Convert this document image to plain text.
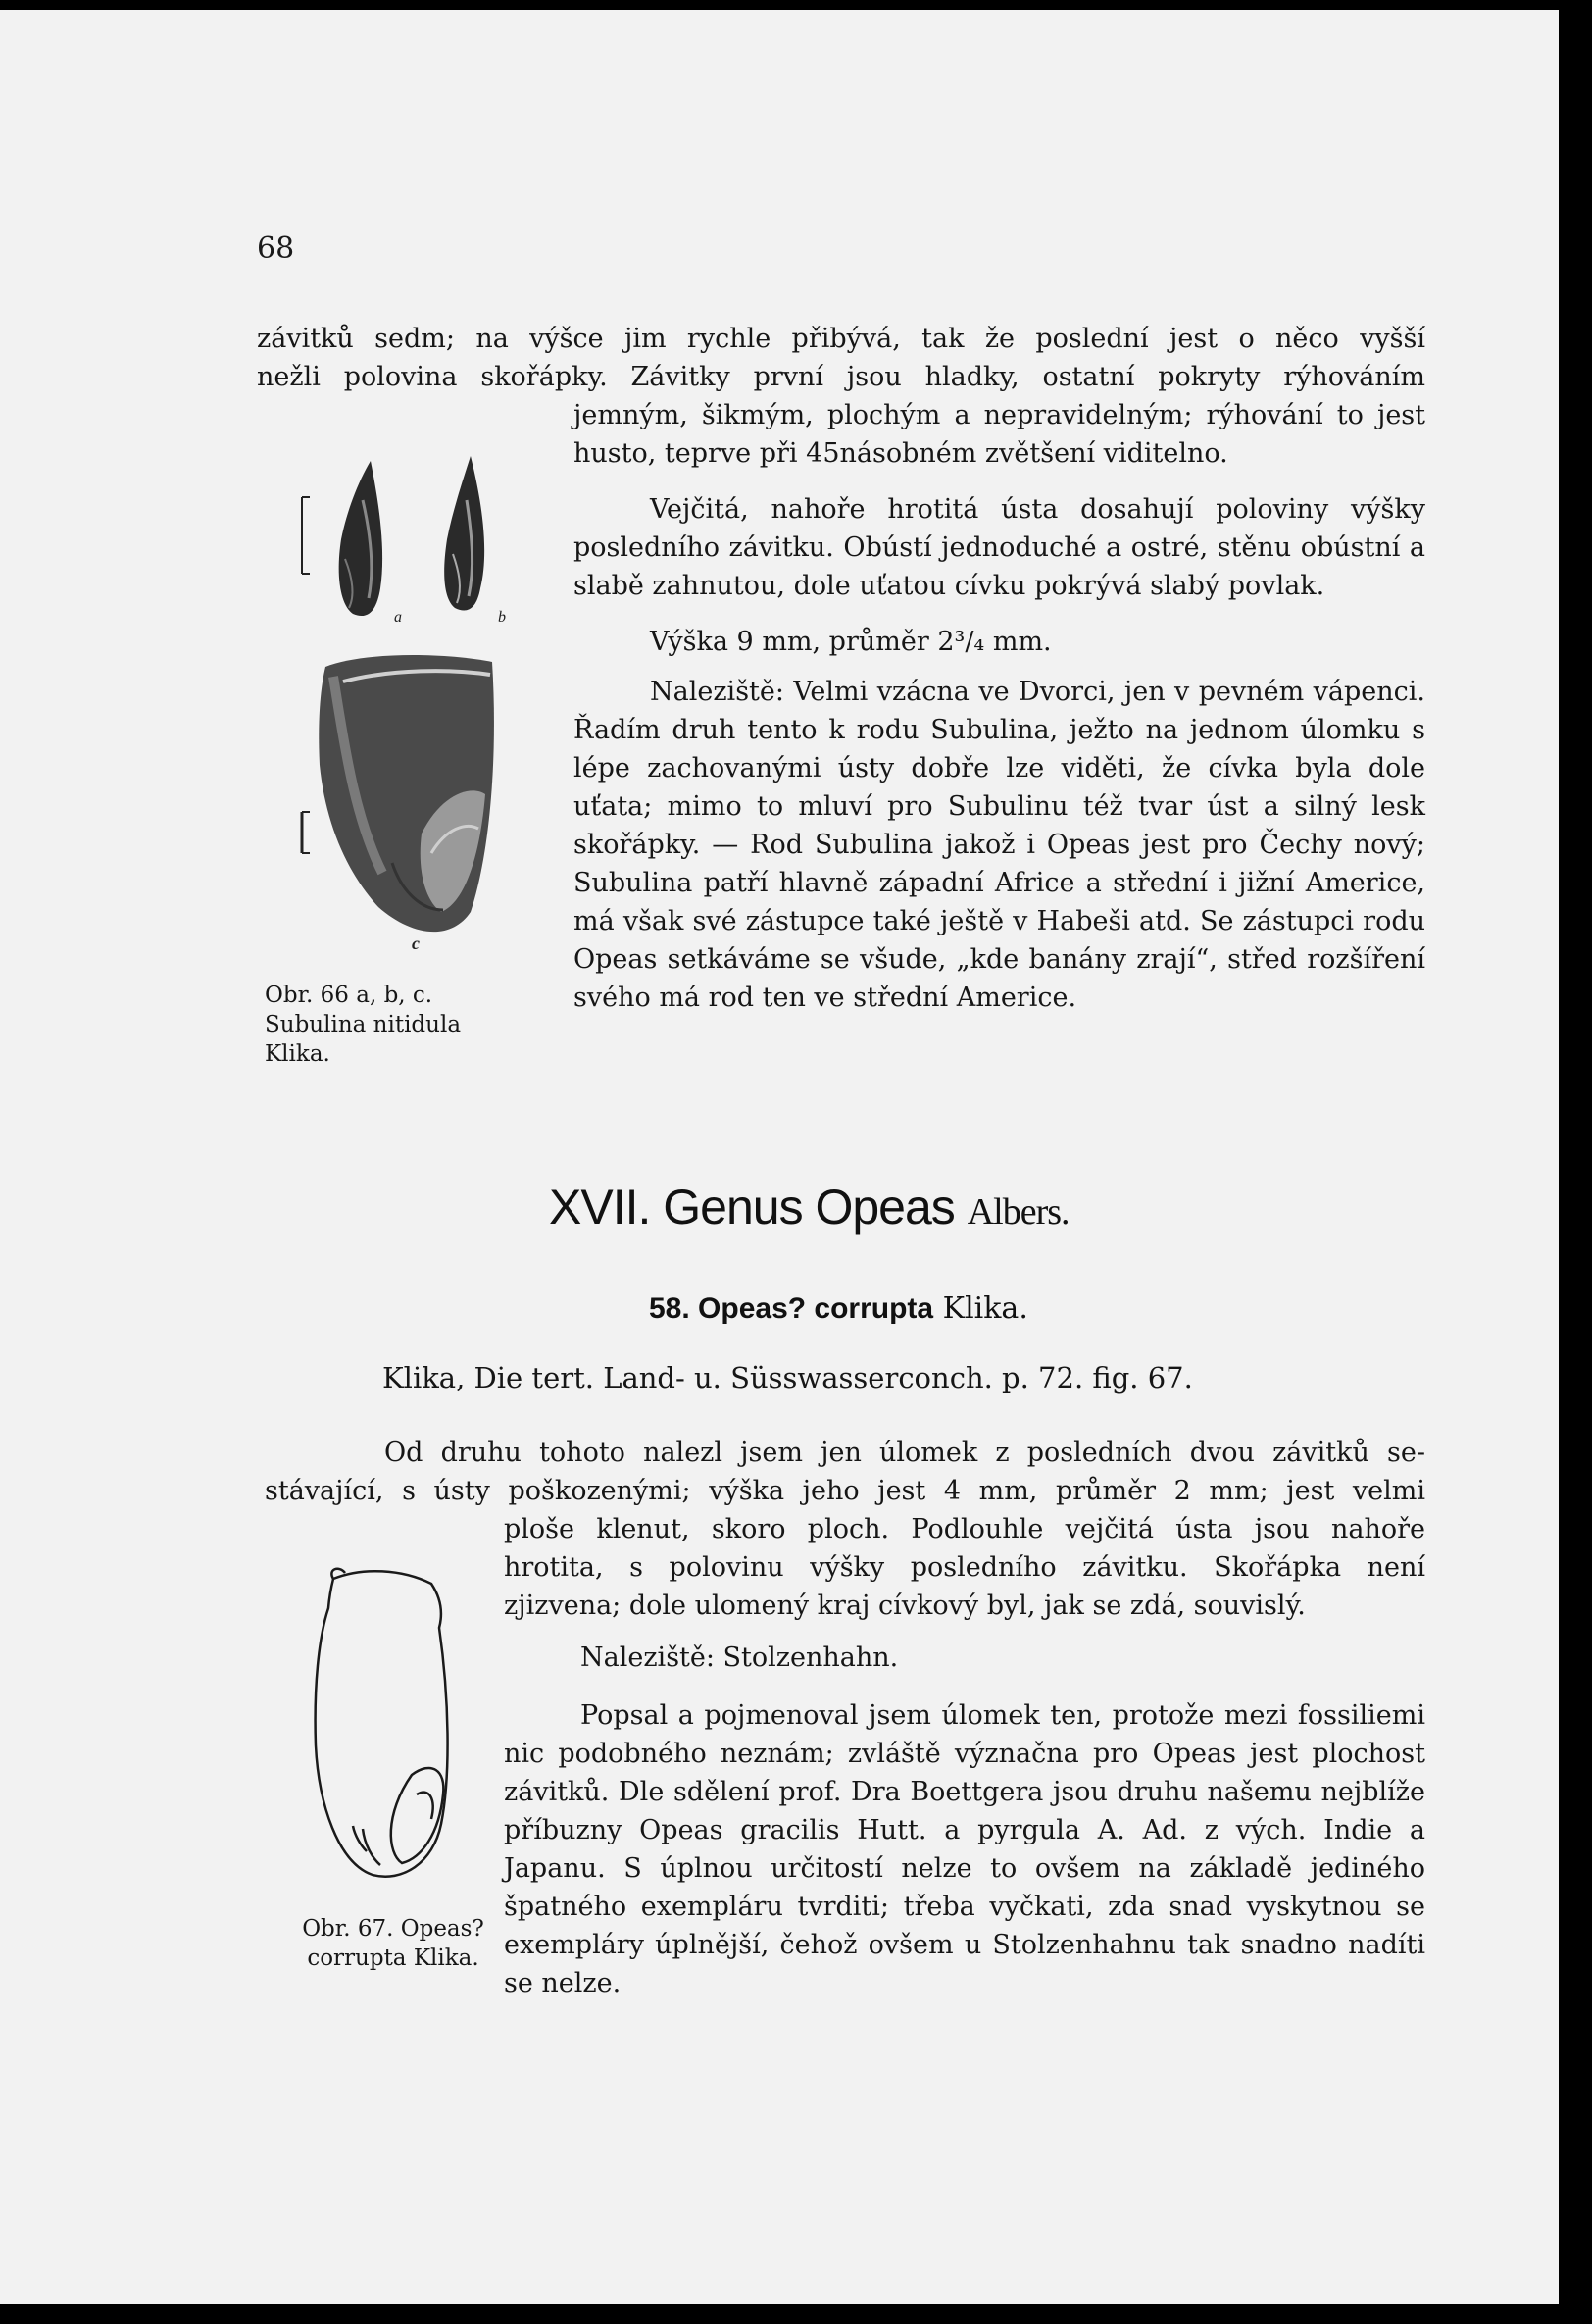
68
závitků sedm; na výšce jim rychle přibývá, tak že poslední jest o něco vyšší
nežli polovina skořápky. Závitky první jsou hladky, ostatní pokryty rýhováním
jemným, šikmým, plochým a nepravidelným; rýhování to jest
husto, teprve při 45násobném zvětšení viditelno.
a	b
c
Obr. 66 a, b, c. Subulina nitidula Klika.

Vejčitá, nahoře hrotitá ústa dosahují poloviny výšky posledního závitku. Obústí jednoduché a ostré, stěnu obústní a slabě zahnutou, dole uťatou cívku pokrývá slabý povlak.

Výška 9 mm, průměr 2³/₄ mm.

Naleziště: Velmi vzácna ve Dvorci, jen v pevném vápenci. Řadím druh tento k rodu Subulina, ježto na jednom úlomku s lépe zachovanými ústy dobře lze viděti, že cívka byla dole uťata; mimo to mluví pro Subulinu též tvar úst a silný lesk skořápky. — Rod Subulina jakož i Opeas jest pro Čechy nový; Subulina patří hlavně západní Africe a střední i jižní Americe, má však své zástupce také ještě v Habeši atd. Se zástupci rodu Opeas setkáváme se všude, „kde banány zrají“, střed rozšíření svého má rod ten ve střední Americe.

XVII. Genus Opeas Albers.
58. Opeas? corrupta Klika.
Klika, Die tert. Land- u. Süsswasserconch. p. 72. fig. 67.
Od druhu tohoto nalezl jsem jen úlomek z posledních dvou závitků se-
stávající, s ústy poškozenými; výška jeho jest 4 mm, průměr 2 mm; jest velmi

ploše klenut, skoro ploch. Podlouhle vejčitá ústa jsou nahoře hrotita, s polovinu výšky posledního závitku. Skořápka není zjizvena; dole ulomený kraj cívkový byl, jak se zdá, souvislý.

Naleziště: Stolzenhahn.

Popsal a pojmenoval jsem úlomek ten, protože mezi fossiliemi nic podobného neznám; zvláště význačna pro Opeas jest plochost závitků. Dle sdělení prof. Dra Boettgera jsou druhu našemu nejblíže příbuzny Opeas gracilis Hutt. a pyrgula A. Ad. z vých. Indie a Japanu. S úplnou určitostí nelze to ovšem na základě jediného špatného exempláru tvrditi; třeba vyčkati, zda snad vyskytnou se exempláry úplnější, čehož ovšem u Stolzenhahnu tak snadno nadíti se nelze.

Obr. 67. Opeas? corrupta Klika.
